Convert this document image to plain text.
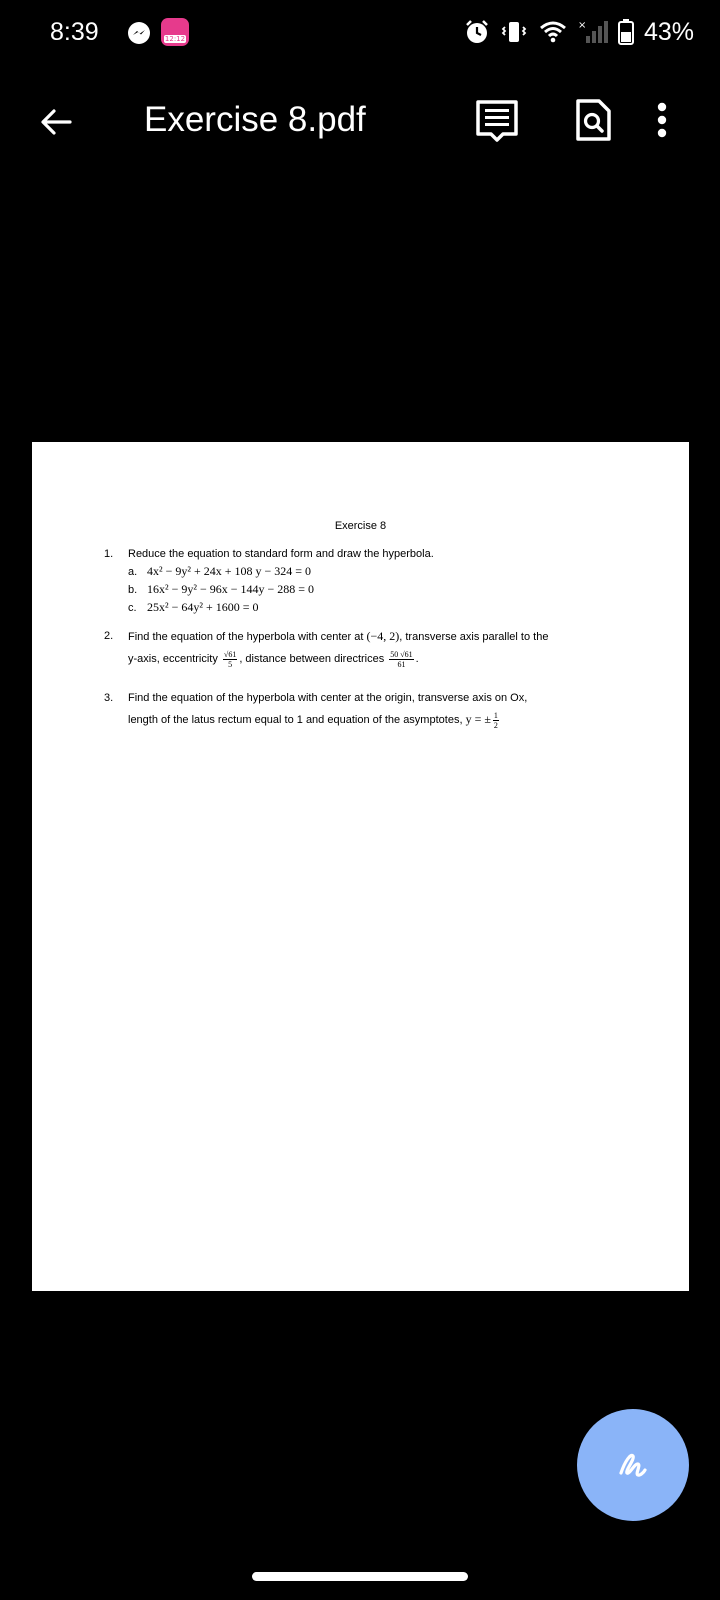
8:39	12:12
× 43%
Exercise 8.pdf
Exercise 8
1. Reduce the equation to standard form and draw the hyperbola.
a. 4x² − 9y² + 24x + 108 y − 324 = 0
b. 16x² − 9y² − 96x − 144y − 288 = 0
c. 25x² − 64y² + 1600 = 0
2. Find the equation of the hyperbola with center at (−4, 2), transverse axis parallel to the
y-axis, eccentricity $\frac{√61}{5}$ , distance between directrices $\frac{50 √61}{61}$ .
3. Find the equation of the hyperbola with center at the origin, transverse axis on Ox,
length of the latus rectum equal to 1 and equation of the asymptotes, y = ± $\frac{1}{2}$
